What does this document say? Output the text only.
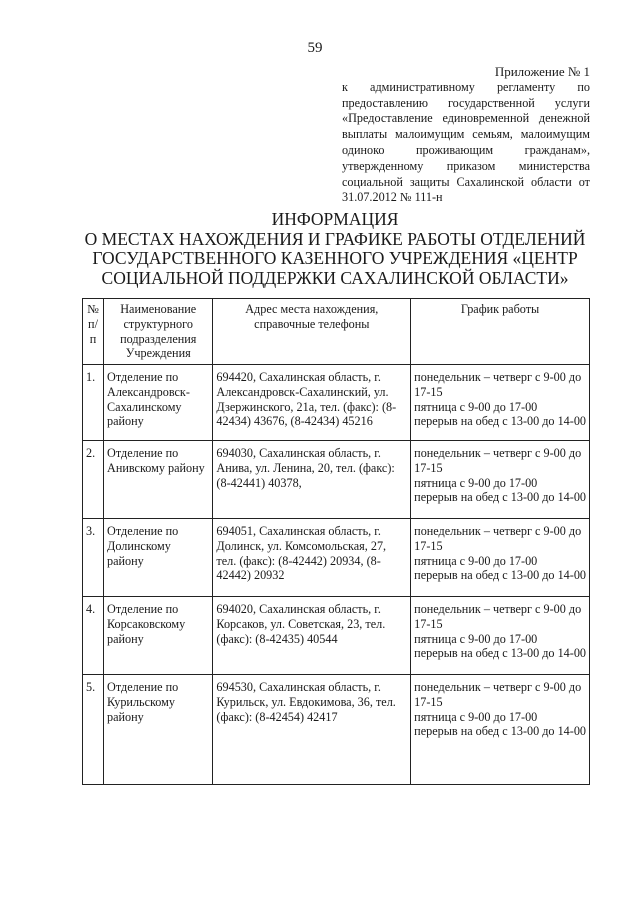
59
Приложение № 1
к административному регламенту по
предоставлению государственной услуги
«Предоставление единовременной денежной
выплаты малоимущим семьям, малоимущим
одиноко проживающим гражданам»,
утвержденному приказом министерства
социальной защиты Сахалинской области от
31.07.2012 № 111-н
ИНФОРМАЦИЯ
О МЕСТАХ НАХОЖДЕНИЯ И ГРАФИКЕ РАБОТЫ ОТДЕЛЕНИЙ
ГОСУДАРСТВЕННОГО КАЗЕННОГО УЧРЕЖДЕНИЯ «ЦЕНТР
СОЦИАЛЬНОЙ ПОДДЕРЖКИ САХАЛИНСКОЙ ОБЛАСТИ»
№ п/п	Наименование структурного подразделения Учреждения	Адрес места нахождения, справочные телефоны	График работы
1.	Отделение по Александровск-Сахалинскому району	694420, Сахалинская область, г. Александровск-Сахалинский, ул. Дзержинского, 21а, тел. (факс): (8-42434) 43676, (8-42434) 45216	понедельник – четверг с 9-00 до 17-15
пятница с 9-00 до 17-00
перерыв на обед с 13-00 до 14-00

2.	Отделение по Анивскому району	694030, Сахалинская область, г. Анива, ул. Ленина, 20, тел. (факс): (8-42441) 40378,	понедельник – четверг с 9-00 до 17-15
пятница с 9-00 до 17-00
перерыв на обед с 13-00 до 14-00

3.	Отделение по Долинскому району	694051, Сахалинская область, г. Долинск, ул. Комсомольская, 27, тел. (факс): (8-42442) 20934, (8-42442) 20932	понедельник – четверг с 9-00 до 17-15
пятница с 9-00 до 17-00
перерыв на обед с 13-00 до 14-00

4.	Отделение по Корсаковскому району	694020, Сахалинская область, г. Корсаков, ул. Советская, 23, тел. (факс): (8-42435) 40544	понедельник – четверг с 9-00 до 17-15
пятница с 9-00 до 17-00
перерыв на обед с 13-00 до 14-00

5.	Отделение по Курильскому району	694530, Сахалинская область, г. Курильск, ул. Евдокимова, 36, тел. (факс): (8-42454) 42417	понедельник – четверг с 9-00 до 17-15
пятница с 9-00 до 17-00
перерыв на обед с 13-00 до 14-00
